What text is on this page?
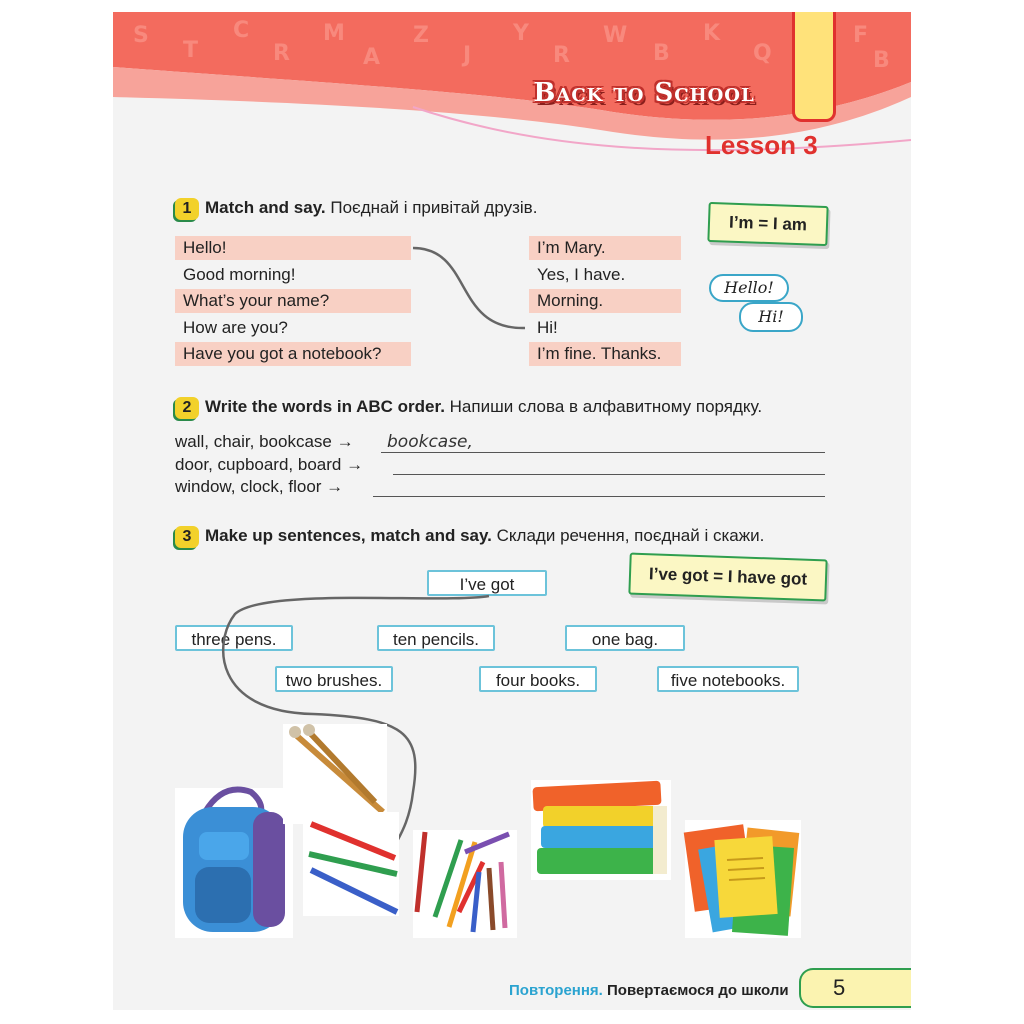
S
T
C
R
M
A
Z
J
Y
R
W
B
K
Q
F
B
Back to School
Lesson 3
1 Match and say. Поєднай і привітай друзів.
Hello!
Good morning!
What’s your name?
How are you?
Have you got a notebook?
I’m Mary.
Yes, I have.
Morning.
Hi!
I’m fine. Thanks.
I’m = I am
Hello!
Hi!
2 Write the words in ABC order. Напиши слова в алфавитному порядку.
wall, chair, bookcase → bookcase,
door, cupboard, board →
window, clock, floor →
3 Make up sentences, match and say. Склади речення, поєднай і скажи.
I’ve got = I have got
I’ve got
three pens.	ten pencils.	one bag.
two brushes.	four books.	five notebooks.
Повторення. Повертаємося до школи	5
